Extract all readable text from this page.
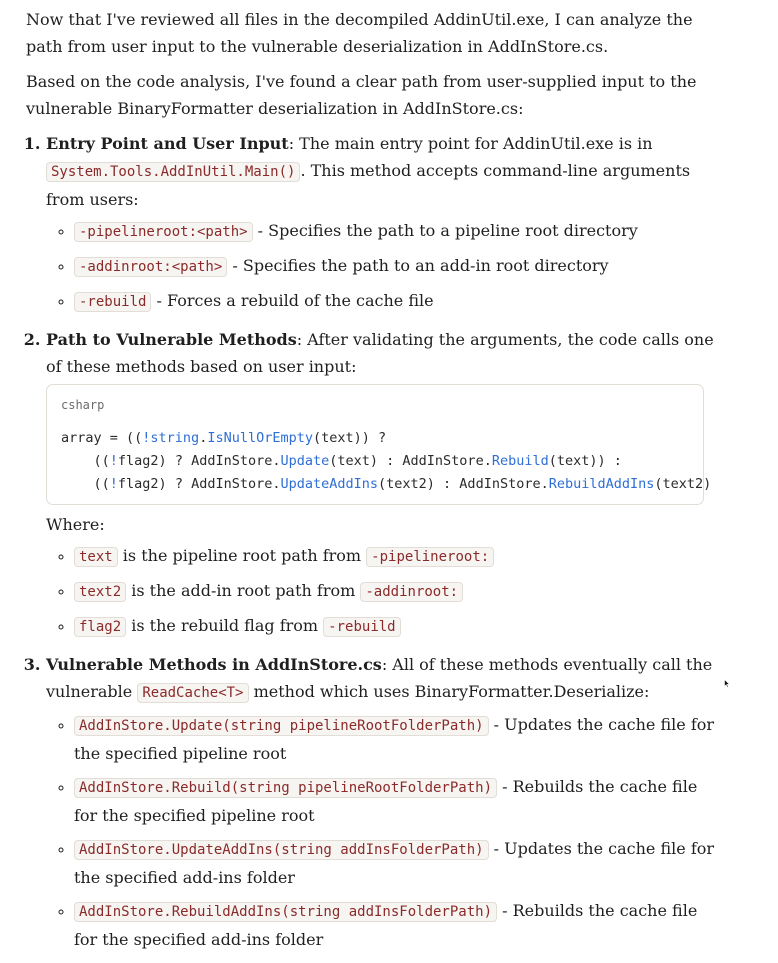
Now that I've reviewed all files in the decompiled AddinUtil.exe, I can analyze the path from user input to the vulnerable deserialization in AddInStore.cs.

Based on the code analysis, I've found a clear path from user-supplied input to the vulnerable BinaryFormatter deserialization in AddInStore.cs:

1. Entry Point and User Input: The main entry point for AddinUtil.exe is in System.Tools.AddInUtil.Main() . This method accepts command-line arguments from users:
◦ -pipelineroot:<path> - Specifies the path to a pipeline root directory
◦ -addinroot:<path> - Specifies the path to an add-in root directory
◦ -rebuild - Forces a rebuild of the cache file
2. Path to Vulnerable Methods: After validating the arguments, the code calls one of these methods based on user input:
csharp
array = ((!string.IsNullOrEmpty(text)) ?
((!flag2) ? AddInStore.Update(text) : AddInStore.Rebuild(text)) :
((!flag2) ? AddInStore.UpdateAddIns(text2) : AddInStore.RebuildAddIns(text2)
Where:
◦ text is the pipeline root path from -pipelineroot:
◦ text2 is the add-in root path from -addinroot:
◦ flag2 is the rebuild flag from -rebuild
3. Vulnerable Methods in AddInStore.cs: All of these methods eventually call the vulnerable ReadCache<T> method which uses BinaryFormatter.Deserialize:
◦ AddInStore.Update(string pipelineRootFolderPath) - Updates the cache file for the specified pipeline root
◦ AddInStore.Rebuild(string pipelineRootFolderPath) - Rebuilds the cache file for the specified pipeline root
◦ AddInStore.UpdateAddIns(string addInsFolderPath) - Updates the cache file for the specified add-ins folder
◦ AddInStore.RebuildAddIns(string addInsFolderPath) - Rebuilds the cache file for the specified add-ins folder
